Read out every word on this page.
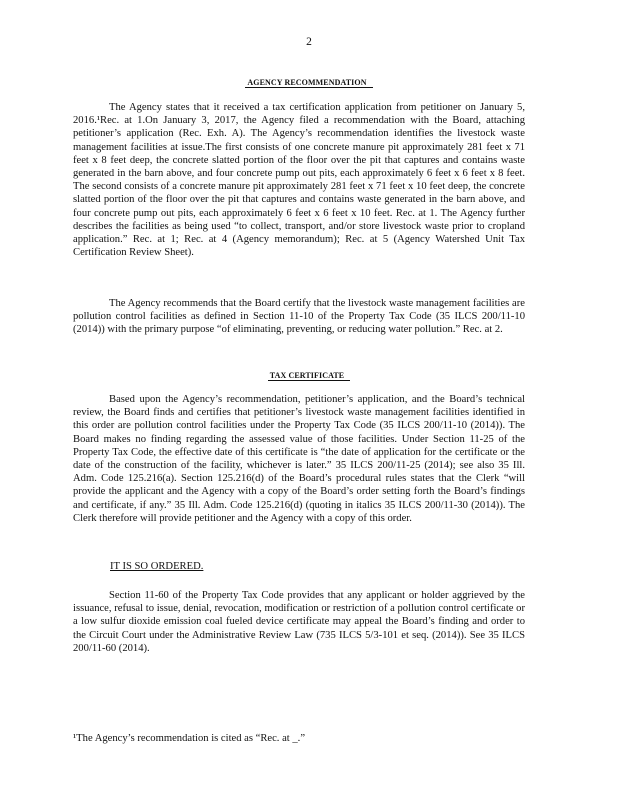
2
AGENCY RECOMMENDATION

The Agency states that it received a tax certification application from petitioner on January 5, 2016.¹Rec. at 1.On January 3, 2017, the Agency filed a recommendation with the Board, attaching petitioner’s application (Rec. Exh. A). The Agency’s recommendation identifies the livestock waste management facilities at issue.The first consists of one concrete manure pit approximately 281 feet x 71 feet x 8 feet deep, the concrete slatted portion of the floor over the pit that captures and contains waste generated in the barn above, and four concrete pump out pits, each approximately 6 feet x 6 feet x 8 feet. The second consists of a concrete manure pit approximately 281 feet x 71 feet x 10 feet deep, the concrete slatted portion of the floor over the pit that captures and contains waste generated in the barn above, and four concrete pump out pits, each approximately 6 feet x 6 feet x 10 feet. Rec. at 1. The Agency further describes the facilities as being used “to collect, transport, and/or store livestock waste prior to cropland application.” Rec. at 1; Rec. at 4 (Agency memorandum); Rec. at 5 (Agency Watershed Unit Tax Certification Review Sheet).

The Agency recommends that the Board certify that the livestock waste management facilities are pollution control facilities as defined in Section 11-10 of the Property Tax Code (35 ILCS 200/11-10 (2014)) with the primary purpose “of eliminating, preventing, or reducing water pollution.” Rec. at 2.

TAX CERTIFICATE

Based upon the Agency’s recommendation, petitioner’s application, and the Board’s technical review, the Board finds and certifies that petitioner’s livestock waste management facilities identified in this order are pollution control facilities under the Property Tax Code (35 ILCS 200/11-10 (2014)). The Board makes no finding regarding the assessed value of those facilities. Under Section 11-25 of the Property Tax Code, the effective date of this certificate is “the date of application for the certificate or the date of the construction of the facility, whichever is later.” 35 ILCS 200/11-25 (2014); see also 35 Ill. Adm. Code 125.216(a). Section 125.216(d) of the Board’s procedural rules states that the Clerk “will provide the applicant and the Agency with a copy of the Board’s order setting forth the Board’s findings and certificate, if any.” 35 Ill. Adm. Code 125.216(d) (quoting in italics 35 ILCS 200/11-30 (2014)). The Clerk therefore will provide petitioner and the Agency with a copy of this order.

IT IS SO ORDERED.

Section 11-60 of the Property Tax Code provides that any applicant or holder aggrieved by the issuance, refusal to issue, denial, revocation, modification or restriction of a pollution control certificate or a low sulfur dioxide emission coal fueled device certificate may appeal the Board’s finding and order to the Circuit Court under the Administrative Review Law (735 ILCS 5/3-101 et seq. (2014)). See 35 ILCS 200/11-60 (2014).

¹The Agency’s recommendation is cited as “Rec. at _.”
